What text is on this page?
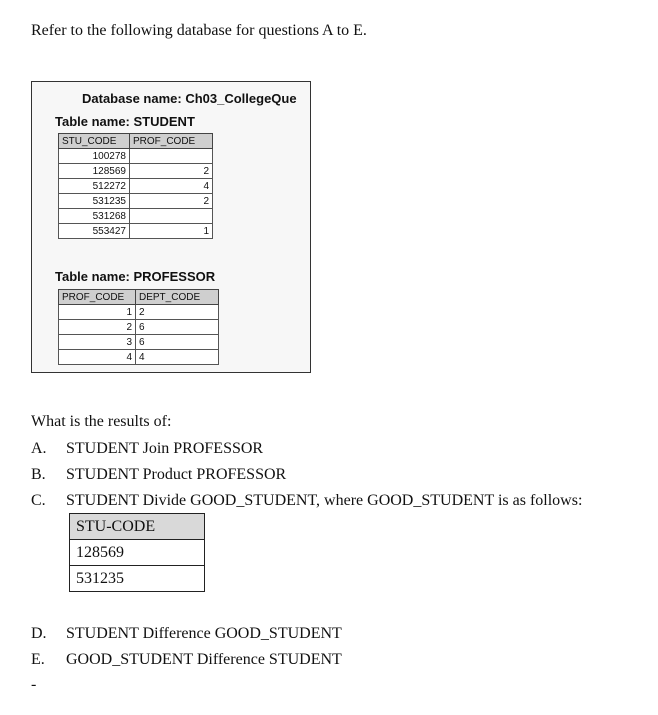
Refer to the following database for questions A to E.
Database name: Ch03_CollegeQue
Table name: STUDENT
STU_CODE	PROF_CODE
100278	
128569	2
512272	4
531235	2
531268	
553427	1
Table name: PROFESSOR
PROF_CODE	DEPT_CODE
1	2
2	6
3	6
4	4
What is the results of:
A. STUDENT Join PROFESSOR
B. STUDENT Product PROFESSOR
C. STUDENT Divide GOOD_STUDENT, where GOOD_STUDENT is as follows:
STU-CODE
128569
531235
D. STUDENT Difference GOOD_STUDENT
E. GOOD_STUDENT Difference STUDENT
-
